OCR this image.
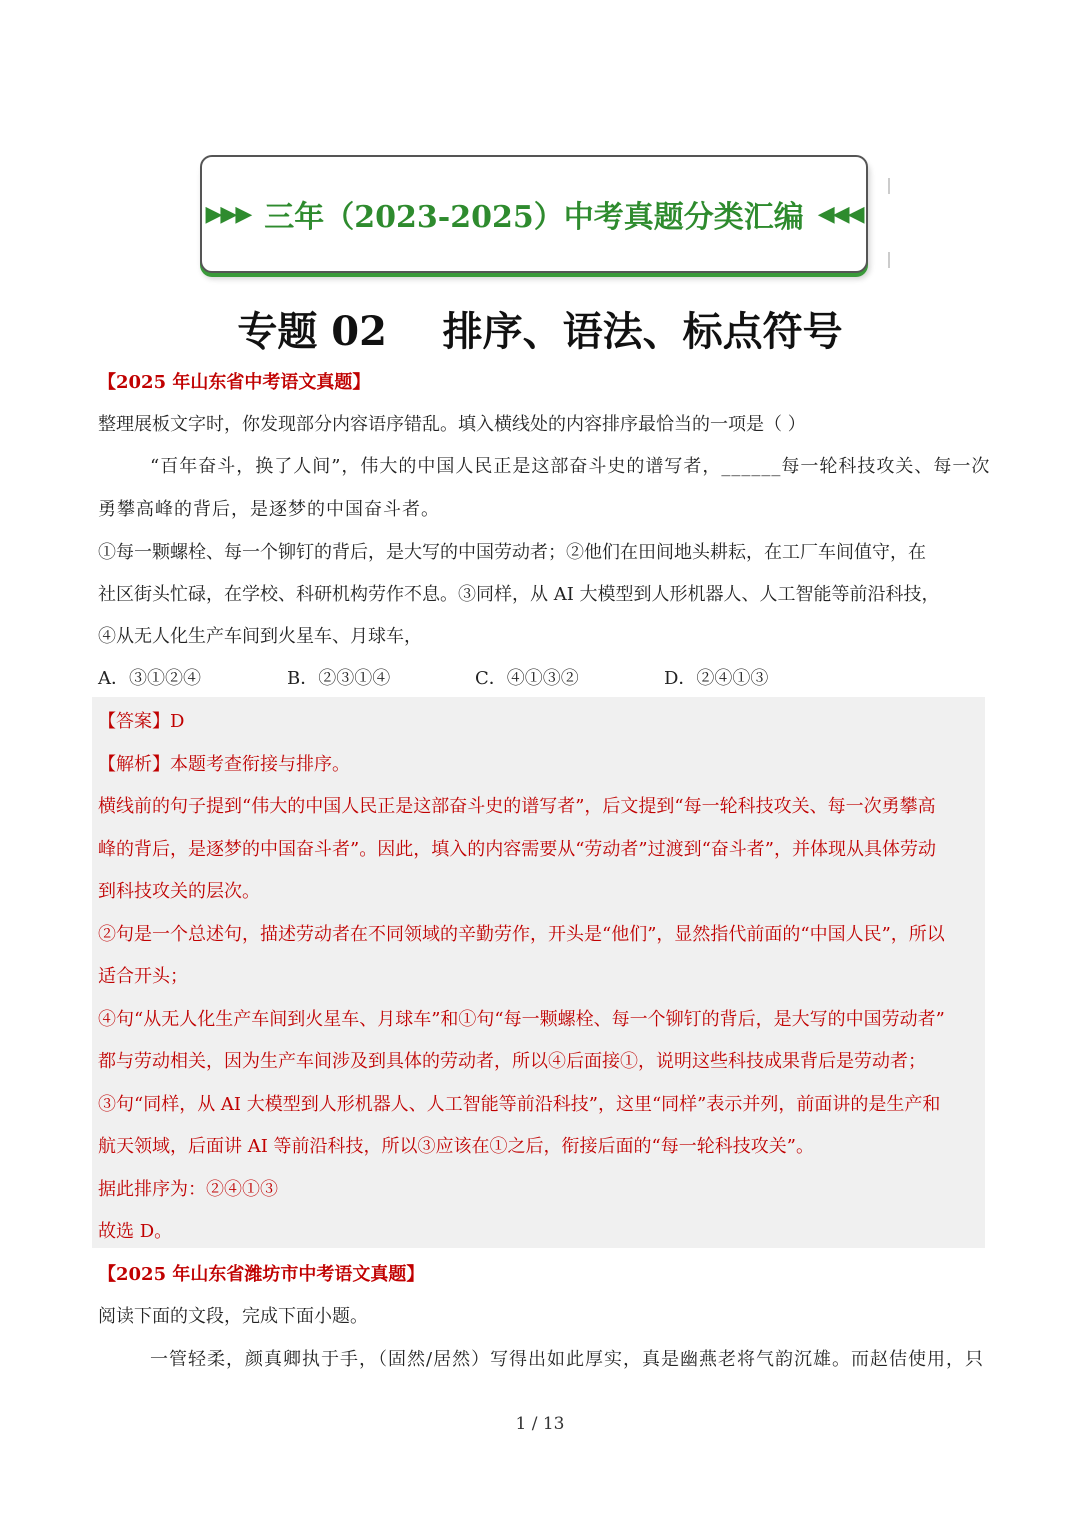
▶▶▶ 三年（2023-2025）中考真题分类汇编 ◀◀◀
专题 02    排序、语法、标点符号
【2025 年山东省中考语文真题】
整理展板文字时，你发现部分内容语序错乱。填入横线处的内容排序最恰当的一项是（ ）
“百年奋斗，换了人间”，伟大的中国人民正是这部奋斗史的谱写者，______每一轮科技攻关、每一次
勇攀高峰的背后，是逐梦的中国奋斗者。
①每一颗螺栓、每一个铆钉的背后，是大写的中国劳动者；②他们在田间地头耕耘，在工厂车间值守，在
社区街头忙碌，在学校、科研机构劳作不息。③同样，从 AI 大模型到人形机器人、人工智能等前沿科技，
④从无人化生产车间到火星车、月球车，
A．③①②④	B．②③①④	C．④①③②	D．②④①③
【答案】D
【解析】本题考查衔接与排序。
横线前的句子提到“伟大的中国人民正是这部奋斗史的谱写者”，后文提到“每一轮科技攻关、每一次勇攀高
峰的背后，是逐梦的中国奋斗者”。因此，填入的内容需要从“劳动者”过渡到“奋斗者”，并体现从具体劳动
到科技攻关的层次。
②句是一个总述句，描述劳动者在不同领域的辛勤劳作，开头是“他们”，显然指代前面的“中国人民”，所以
适合开头；
④句“从无人化生产车间到火星车、月球车”和①句“每一颗螺栓、每一个铆钉的背后，是大写的中国劳动者”
都与劳动相关，因为生产车间涉及到具体的劳动者，所以④后面接①，说明这些科技成果背后是劳动者；
③句“同样，从 AI 大模型到人形机器人、人工智能等前沿科技”，这里“同样”表示并列，前面讲的是生产和
航天领域，后面讲 AI 等前沿科技，所以③应该在①之后，衔接后面的“每一轮科技攻关”。
据此排序为：②④①③
故选 D。
【2025 年山东省潍坊市中考语文真题】
阅读下面的文段，完成下面小题。
一管轻柔，颜真卿执于手，（固然/居然）写得出如此厚实，真是幽燕老将气韵沉雄。而赵佶使用，只
1 / 13
